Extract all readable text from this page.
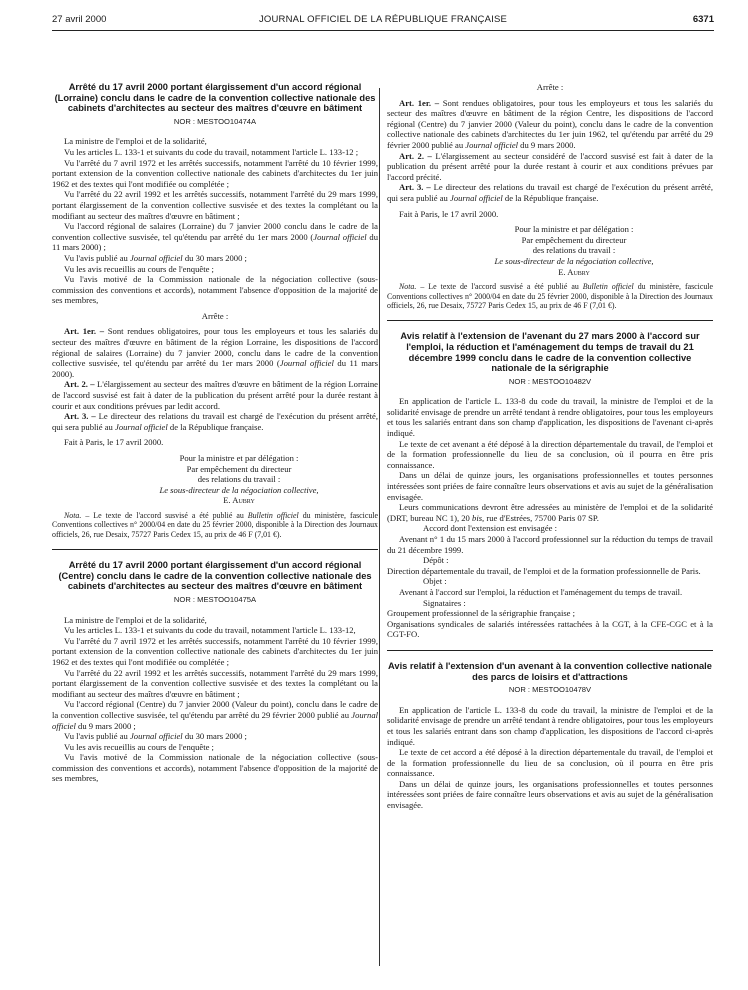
27 avril 2000	JOURNAL OFFICIEL DE LA RÉPUBLIQUE FRANÇAISE	6371
Arrêté du 17 avril 2000 portant élargissement d'un accord régional (Lorraine) conclu dans le cadre de la convention collective nationale des cabinets d'architectes au secteur des maîtres d'œuvre en bâtiment
NOR : MESTOO10474A

La ministre de l'emploi et de la solidarité,

Vu les articles L. 133-1 et suivants du code du travail, notamment l'article L. 133-12 ;

Vu l'arrêté du 7 avril 1972 et les arrêtés successifs, notamment l'arrêté du 10 février 1999, portant extension de la convention collective nationale des cabinets d'architectes du 1er juin 1962 et des textes qui l'ont modifiée ou complétée ;

Vu l'arrêté du 22 avril 1992 et les arrêtés successifs, notamment l'arrêté du 29 mars 1999, portant élargissement de la convention collective susvisée et des textes la complétant ou la modifiant au secteur des maîtres d'œuvre en bâtiment ;

Vu l'accord régional de salaires (Lorraine) du 7 janvier 2000 conclu dans le cadre de la convention collective susvisée, tel qu'étendu par arrêté du 1er mars 2000 (Journal officiel du 11 mars 2000) ;

Vu l'avis publié au Journal officiel du 30 mars 2000 ;

Vu les avis recueillis au cours de l'enquête ;

Vu l'avis motivé de la Commission nationale de la négociation collective (sous-commission des conventions et accords), notamment l'absence d'opposition de la majorité de ses membres,

Arrête :

Art. 1er. – Sont rendues obligatoires, pour tous les employeurs et tous les salariés du secteur des maîtres d'œuvre en bâtiment de la région Lorraine, les dispositions de l'accord régional de salaires (Lorraine) du 7 janvier 2000, conclu dans le cadre de la convention collective susvisée, tel qu'étendu par arrêté du 1er mars 2000 (Journal officiel du 11 mars 2000).

Art. 2. – L'élargissement au secteur des maîtres d'œuvre en bâtiment de la région Lorraine de l'accord susvisé est fait à dater de la publication du présent arrêté pour la durée restant à courir et aux conditions prévues par ledit accord.

Art. 3. – Le directeur des relations du travail est chargé de l'exécution du présent arrêté, qui sera publié au Journal officiel de la République française.

Fait à Paris, le 17 avril 2000.

Pour la ministre et par délégation :

Par empêchement du directeur

des relations du travail :

Le sous-directeur de la négociation collective,

E. Aubry

Nota. – Le texte de l'accord susvisé a été publié au Bulletin officiel du ministère, fascicule Conventions collectives n° 2000/04 en date du 25 février 2000, disponible à la Direction des Journaux officiels, 26, rue Desaix, 75727 Paris Cedex 15, au prix de 46 F (7,01 €).

Arrêté du 17 avril 2000 portant élargissement d'un accord régional (Centre) conclu dans le cadre de la convention collective nationale des cabinets d'architectes au secteur des maîtres d'œuvre en bâtiment
NOR : MESTOO10475A

La ministre de l'emploi et de la solidarité,

Vu les articles L. 133-1 et suivants du code du travail, notamment l'article L. 133-12,

Vu l'arrêté du 7 avril 1972 et les arrêtés successifs, notamment l'arrêté du 10 février 1999, portant extension de la convention collective nationale des cabinets d'architectes du 1er juin 1962 et des textes qui l'ont modifiée ou complétée ;

Vu l'arrêté du 22 avril 1992 et les arrêtés successifs, notamment l'arrêté du 29 mars 1999, portant élargissement de la convention collective susvisée et des textes la complétant ou la modifiant au secteur des maîtres d'œuvre en bâtiment ;

Vu l'accord régional (Centre) du 7 janvier 2000 (Valeur du point), conclu dans le cadre de la convention collective susvisée, tel qu'étendu par arrêté du 29 février 2000 publié au Journal officiel du 9 mars 2000 ;

Vu l'avis publié au Journal officiel du 30 mars 2000 ;

Vu les avis recueillis au cours de l'enquête ;

Vu l'avis motivé de la Commission nationale de la négociation collective (sous-commission des conventions et accords), notamment l'absence d'opposition de la majorité de ses membres,

Arrête :

Art. 1er. – Sont rendues obligatoires, pour tous les employeurs et tous les salariés du secteur des maîtres d'œuvre en bâtiment de la région Centre, les dispositions de l'accord régional (Centre) du 7 janvier 2000 (Valeur du point), conclu dans le cadre de la convention collective nationale des cabinets d'architectes du 1er juin 1962, tel qu'étendu par arrêté du 29 février 2000 publié au Journal officiel du 9 mars 2000.

Art. 2. – L'élargissement au secteur considéré de l'accord susvisé est fait à dater de la publication du présent arrêté pour la durée restant à courir et aux conditions prévues par l'accord précité.

Art. 3. – Le directeur des relations du travail est chargé de l'exécution du présent arrêté, qui sera publié au Journal officiel de la République française.

Fait à Paris, le 17 avril 2000.

Pour la ministre et par délégation :

Par empêchement du directeur

des relations du travail :

Le sous-directeur de la négociation collective,

E. Aubry

Nota. – Le texte de l'accord susvisé a été publié au Bulletin officiel du ministère, fascicule Conventions collectives n° 2000/04 en date du 25 février 2000, disponible à la Direction des Journaux officiels, 26, rue Desaix, 75727 Paris Cedex 15, au prix de 46 F (7,01 €).

Avis relatif à l'extension de l'avenant du 27 mars 2000 à l'accord sur l'emploi, la réduction et l'aménagement du temps de travail du 21 décembre 1999 conclu dans le cadre de la convention collective nationale de la sérigraphie
NOR : MESTOO10482V

En application de l'article L. 133-8 du code du travail, la ministre de l'emploi et de la solidarité envisage de prendre un arrêté tendant à rendre obligatoires, pour tous les employeurs et tous les salariés entrant dans son champ d'application, les dispositions de l'avenant ci-après indiqué.

Le texte de cet avenant a été déposé à la direction départementale du travail, de l'emploi et de la formation professionnelle du lieu de sa conclusion, où il pourra en être pris connaissance.

Dans un délai de quinze jours, les organisations professionnelles et toutes personnes intéressées sont priées de faire connaître leurs observations et avis au sujet de la généralisation envisagée.

Leurs communications devront être adressées au ministère de l'emploi et de la solidarité (DRT, bureau NC 1), 20 bis, rue d'Estrées, 75700 Paris 07 SP.

Accord dont l'extension est envisagée :

Avenant n° 1 du 15 mars 2000 à l'accord professionnel sur la réduction du temps de travail du 21 décembre 1999.

Dépôt :

Direction départementale du travail, de l'emploi et de la formation professionnelle de Paris.

Objet :

Avenant à l'accord sur l'emploi, la réduction et l'aménagement du temps de travail.

Signataires :

Groupement professionnel de la sérigraphie française ;

Organisations syndicales de salariés intéressées rattachées à la CGT, à la CFE-CGC et à la CGT-FO.

Avis relatif à l'extension d'un avenant à la convention collective nationale des parcs de loisirs et d'attractions
NOR : MESTOO10478V

En application de l'article L. 133-8 du code du travail, la ministre de l'emploi et de la solidarité envisage de prendre un arrêté tendant à rendre obligatoires, pour tous les employeurs et tous les salariés entrant dans son champ d'application, les dispositions de l'accord ci-après indiqué.

Le texte de cet accord a été déposé à la direction départementale du travail, de l'emploi et de la formation professionnelle du lieu de sa conclusion, où il pourra en être pris connaissance.

Dans un délai de quinze jours, les organisations professionnelles et toutes personnes intéressées sont priées de faire connaître leurs observations et avis au sujet de la généralisation envisagée.
